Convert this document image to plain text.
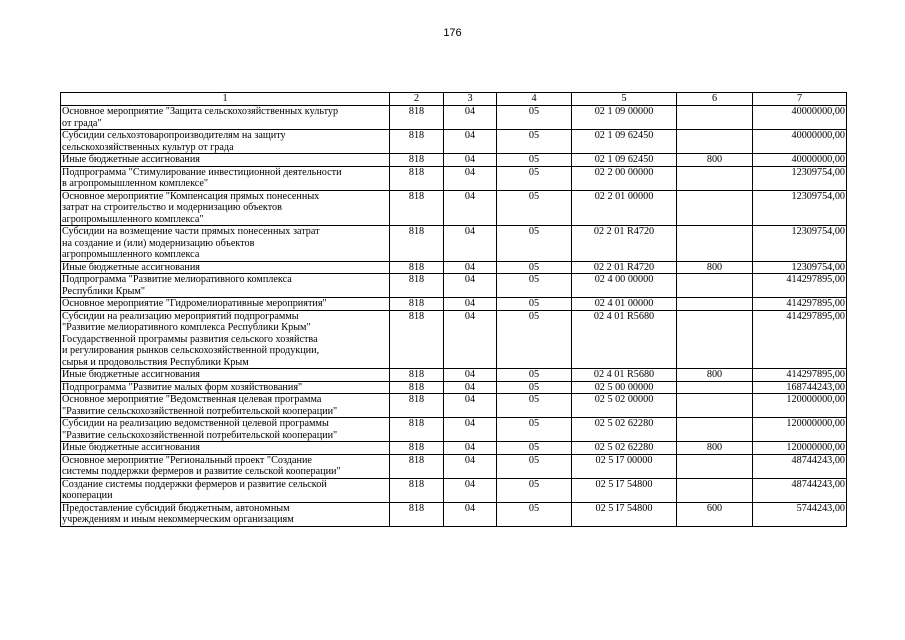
176
1	2	3	4	5	6	7

Основное мероприятие "Защита сельскохозяйственных культур
от града"	818	04	05	02 1 09 00000		40000000,00

Субсидии сельхозтоваропроизводителям на защиту
сельскохозяйственных культур от града	818	04	05	02 1 09 62450		40000000,00

Иные бюджетные ассигнования	818	04	05	02 1 09 62450	800	40000000,00

Подпрограмма "Стимулирование инвестиционной деятельности
в агропромышленном комплексе"	818	04	05	02 2 00 00000		12309754,00

Основное мероприятие "Компенсация прямых понесенных
затрат на строительство и модернизацию объектов
агропромышленного комплекса"	818	04	05	02 2 01 00000		12309754,00

Субсидии на возмещение части прямых понесенных затрат
на создание и (или) модернизацию объектов
агропромышленного комплекса	818	04	05	02 2 01 R4720		12309754,00

Иные бюджетные ассигнования	818	04	05	02 2 01 R4720	800	12309754,00

Подпрограмма "Развитие мелиоративного комплекса
Республики Крым"	818	04	05	02 4 00 00000		414297895,00

Основное мероприятие "Гидромелиоративные мероприятия"	818	04	05	02 4 01 00000		414297895,00

Субсидии на реализацию мероприятий подпрограммы
"Развитие мелиоративного комплекса Республики Крым"
Государственной программы развития сельского хозяйства
и регулирования рынков сельскохозяйственной продукции,
сырья и продовольствия Республики Крым	818	04	05	02 4 01 R5680		414297895,00

Иные бюджетные ассигнования	818	04	05	02 4 01 R5680	800	414297895,00

Подпрограмма "Развитие малых форм хозяйствования"	818	04	05	02 5 00 00000		168744243,00

Основное мероприятие "Ведомственная целевая программа
"Развитие сельскохозяйственной потребительской кооперации"	818	04	05	02 5 02 00000		120000000,00

Субсидии на реализацию ведомственной целевой программы
"Развитие сельскохозяйственной потребительской кооперации"	818	04	05	02 5 02 62280		120000000,00

Иные бюджетные ассигнования	818	04	05	02 5 02 62280	800	120000000,00

Основное мероприятие "Региональный проект "Создание
системы поддержки фермеров и развитие сельской кооперации"	818	04	05	02 5 I7 00000		48744243,00

Создание системы поддержки фермеров и развитие сельской
кооперации	818	04	05	02 5 I7 54800		48744243,00

Предоставление субсидий бюджетным, автономным
учреждениям и иным некоммерческим организациям	818	04	05	02 5 I7 54800	600	5744243,00
